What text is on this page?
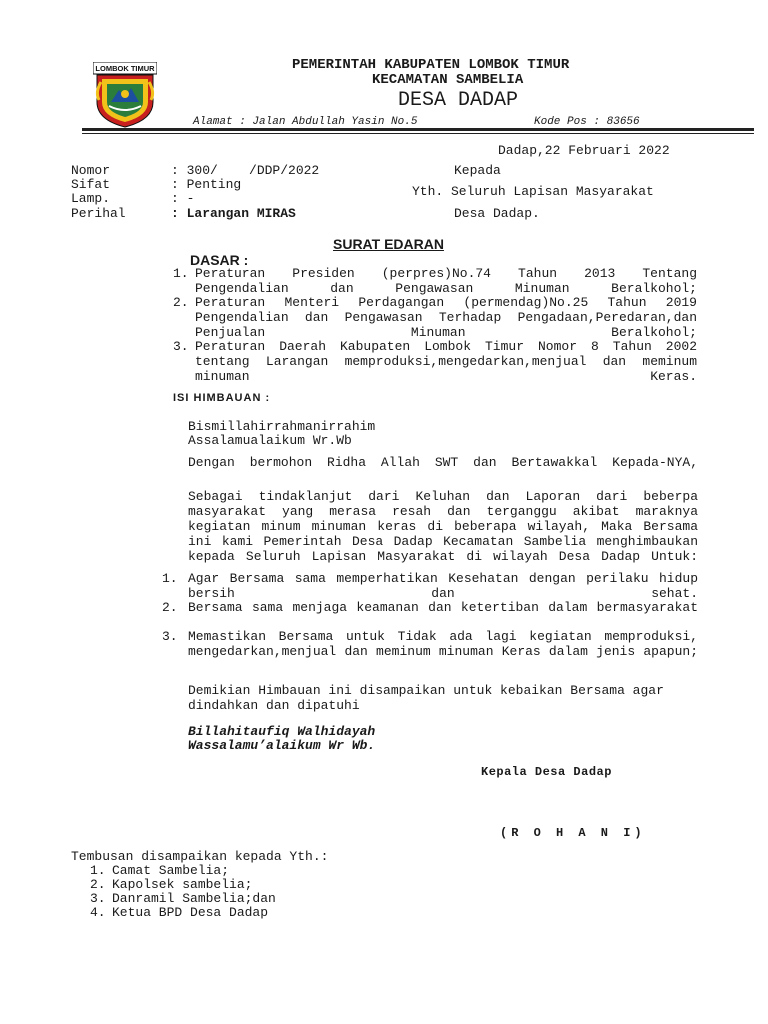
LOMBOK TIMUR	PEMERINTAH KABUPATEN LOMBOK TIMUR
KECAMATAN SAMBELIA
DESA DADAP
Alamat : Jalan Abdullah Yasin No.5	Kode Pos : 83656
Dadap,22 Februari 2022
Nomor	: 300/    /DDP/2022
Sifat	: Penting
Lamp.	: -
Perihal	: Larangan MIRAS
Kepada
Yth. Seluruh Lapisan Masyarakat
Desa Dadap.
SURAT EDARAN
DASAR :
1. Peraturan Presiden (perpres)No.74 Tahun 2013 Tentang Pengendalian dan Pengawasan Minuman Beralkohol;
2. Peraturan Menteri Perdagangan (permendag)No.25 Tahun 2019 Pengendalian dan Pengawasan Terhadap Pengadaan,Peredaran,dan Penjualan Minuman Beralkohol;
3. Peraturan Daerah Kabupaten Lombok Timur Nomor 8 Tahun 2002 tentang Larangan memproduksi,mengedarkan,menjual dan meminum minuman Keras.
ISI HIMBAUAN :
Bismillahirrahmanirrahim
Assalamualaikum Wr.Wb
Dengan bermohon Ridha Allah SWT dan Bertawakkal Kepada-NYA,
Sebagai tindaklanjut dari Keluhan dan Laporan dari beberpa masyarakat yang merasa resah dan terganggu akibat maraknya kegiatan minum minuman keras di beberapa wilayah, Maka Bersama ini kami Pemerintah Desa Dadap Kecamatan Sambelia menghimbaukan kepada Seluruh Lapisan Masyarakat di wilayah Desa Dadap Untuk:
1. Agar Bersama sama memperhatikan Kesehatan dengan perilaku hidup bersih dan sehat.
2. Bersama sama menjaga keamanan dan ketertiban dalam bermasyarakat
3. Memastikan Bersama untuk Tidak ada lagi kegiatan memproduksi, mengedarkan,menjual dan meminum minuman Keras dalam jenis apapun;
Demikian Himbauan ini disampaikan untuk kebaikan Bersama agar dindahkan dan dipatuhi
Billahitaufiq Walhidayah
Wassalamu’alaikum Wr Wb.
Kepala Desa Dadap
(R O H A N I)
Tembusan disampaikan kepada Yth.:
1. Camat Sambelia;
2. Kapolsek sambelia;
3. Danramil Sambelia;dan
4. Ketua BPD Desa Dadap
